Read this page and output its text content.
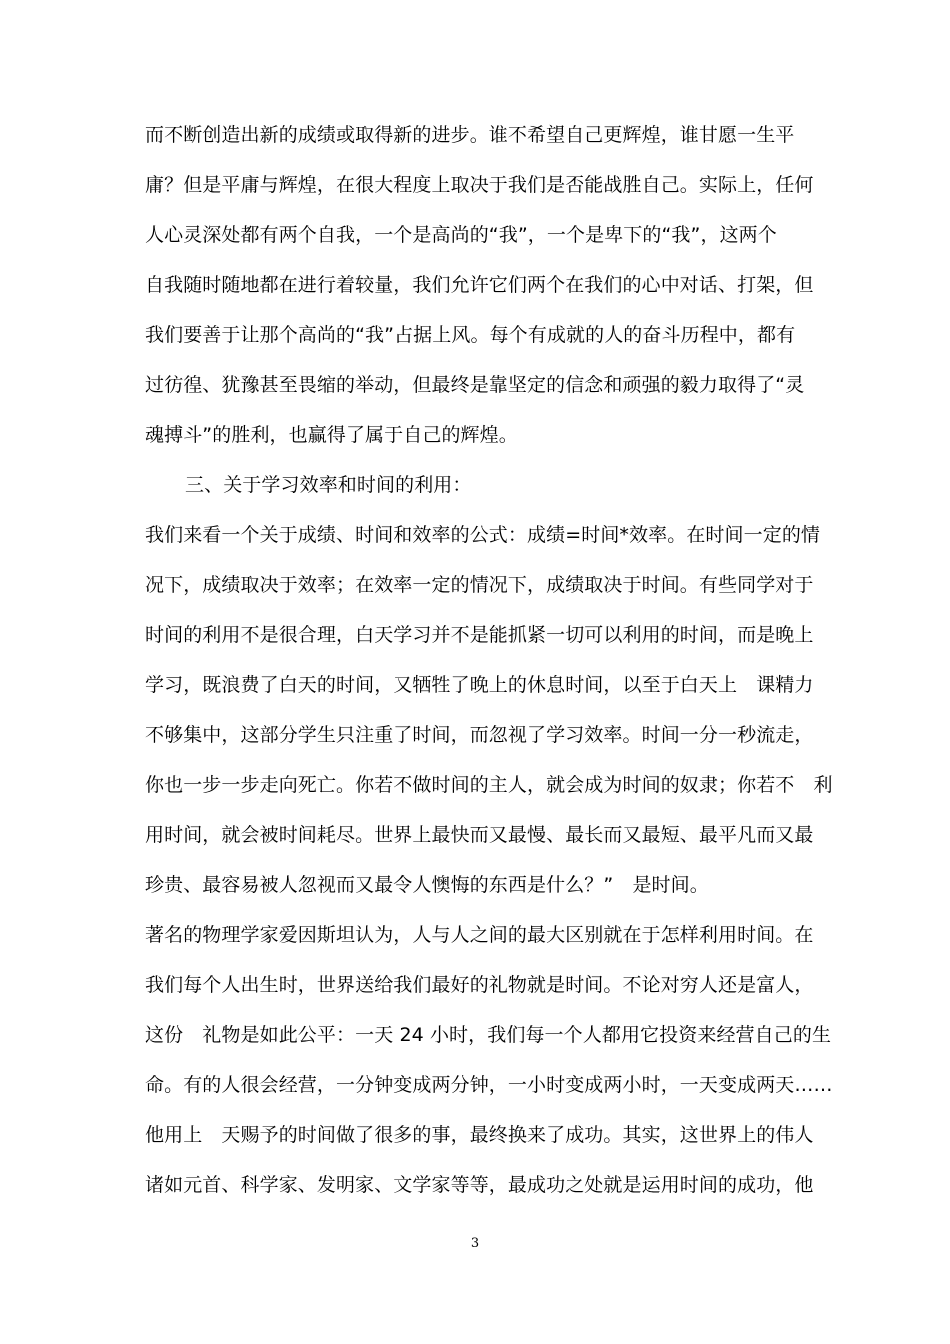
而不断创造出新的成绩或取得新的进步。谁不希望自己更辉煌，谁甘愿一生平
庸？但是平庸与辉煌，在很大程度上取决于我们是否能战胜自己。实际上，任何
人心灵深处都有两个自我，一个是高尚的“我”，一个是卑下的“我”，这两个
自我随时随地都在进行着较量，我们允许它们两个在我们的心中对话、打架，但
我们要善于让那个高尚的“我”占据上风。每个有成就的人的奋斗历程中，都有
过彷徨、犹豫甚至畏缩的举动，但最终是靠坚定的信念和顽强的毅力取得了“灵
魂搏斗”的胜利，也赢得了属于自己的辉煌。
三、关于学习效率和时间的利用：
我们来看一个关于成绩、时间和效率的公式：成绩=时间*效率。在时间一定的情
况下，成绩取决于效率；在效率一定的情况下，成绩取决于时间。有些同学对于
时间的利用不是很合理，白天学习并不是能抓紧一切可以利用的时间，而是晚上
学习，既浪费了白天的时间，又牺牲了晚上的休息时间，以至于白天上　课精力
不够集中，这部分学生只注重了时间，而忽视了学习效率。时间一分一秒流走，
你也一步一步走向死亡。你若不做时间的主人，就会成为时间的奴隶；你若不　利
用时间，就会被时间耗尽。世界上最快而又最慢、最长而又最短、最平凡而又最
珍贵、最容易被人忽视而又最令人懊悔的东西是什么？”　是时间。
著名的物理学家爱因斯坦认为，人与人之间的最大区别就在于怎样利用时间。在
我们每个人出生时，世界送给我们最好的礼物就是时间。不论对穷人还是富人，
这份　礼物是如此公平：一天 24 小时，我们每一个人都用它投资来经营自己的生
命。有的人很会经营，一分钟变成两分钟，一小时变成两小时，一天变成两天……
他用上　天赐予的时间做了很多的事，最终换来了成功。其实，这世界上的伟人
诸如元首、科学家、发明家、文学家等等，最成功之处就是运用时间的成功，他
3
